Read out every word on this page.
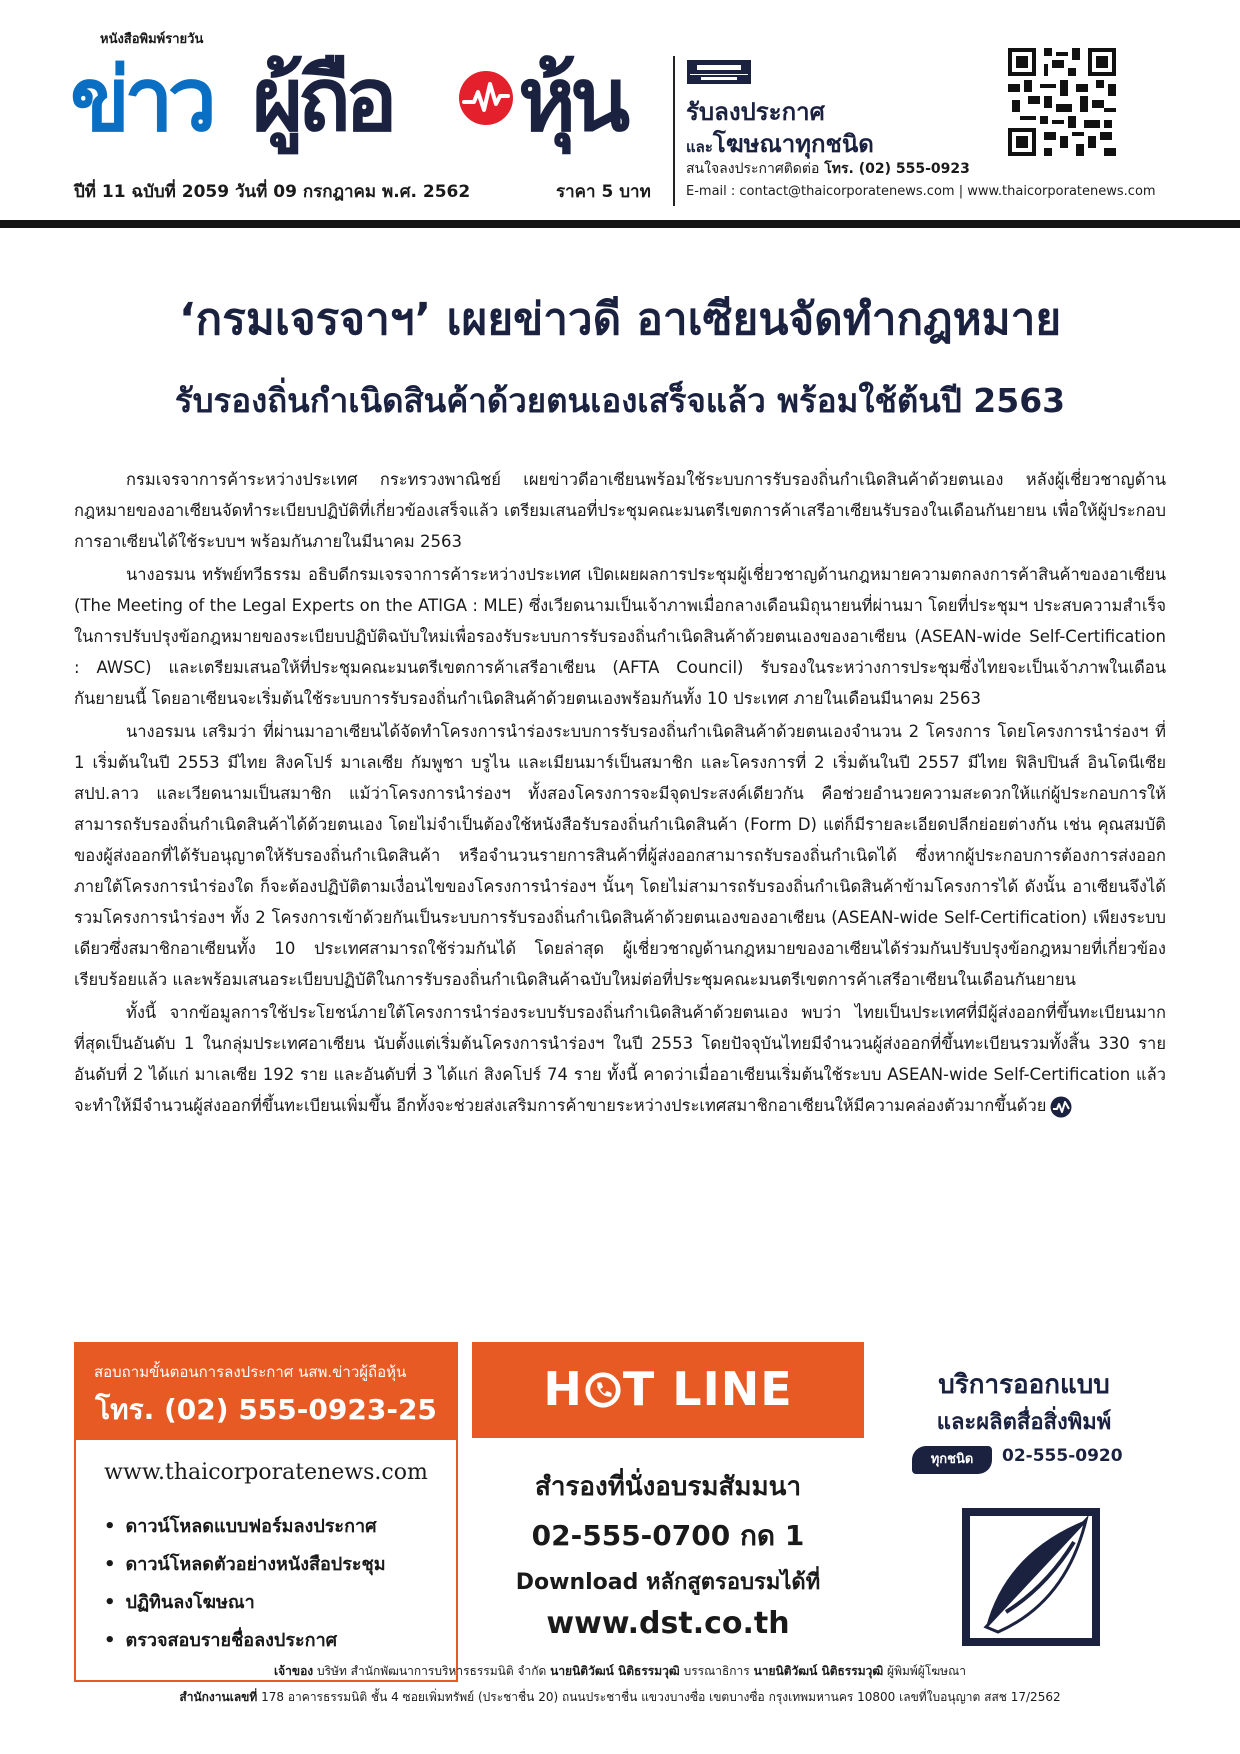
หนังสือพิมพ์รายวัน
ข่าว ผู้ถือ หุ้น
ปีที่ 11 ฉบับที่ 2059 วันที่ 09 กรกฎาคม พ.ศ. 2562	ราคา 5 บาท
รับลงประกาศ
และโฆษณาทุกชนิด
สนใจลงประกาศติดต่อ โทร. (02) 555-0923
E-mail : contact@thaicorporatenews.com | www.thaicorporatenews.com
‘กรมเจรจาฯ’ เผยข่าวดี อาเซียนจัดทำกฎหมาย
รับรองถิ่นกำเนิดสินค้าด้วยตนเองเสร็จแล้ว พร้อมใช้ต้นปี 2563

กรมเจรจาการค้าระหว่างประเทศ กระทรวงพาณิชย์ เผยข่าวดีอาเซียนพร้อมใช้ระบบการรับรองถิ่นกำเนิดสินค้าด้วยตนเอง หลังผู้เชี่ยวชาญด้านกฎหมายของอาเซียนจัดทำระเบียบปฏิบัติที่เกี่ยวข้องเสร็จแล้ว เตรียมเสนอที่ประชุมคณะมนตรีเขตการค้าเสรีอาเซียนรับรองในเดือนกันยายน เพื่อให้ผู้ประกอบการอาเซียนได้ใช้ระบบฯ พร้อมกันภายในมีนาคม 2563

นางอรมน ทรัพย์ทวีธรรม อธิบดีกรมเจรจาการค้าระหว่างประเทศ เปิดเผยผลการประชุมผู้เชี่ยวชาญด้านกฎหมายความตกลงการค้าสินค้าของอาเซียน (The Meeting of the Legal Experts on the ATIGA : MLE) ซึ่งเวียดนามเป็นเจ้าภาพเมื่อกลางเดือนมิถุนายนที่ผ่านมา โดยที่ประชุมฯ ประสบความสำเร็จในการปรับปรุงข้อกฎหมายของระเบียบปฏิบัติฉบับใหม่เพื่อรองรับระบบการรับรองถิ่นกำเนิดสินค้าด้วยตนเองของอาเซียน (ASEAN-wide Self-Certification : AWSC) และเตรียมเสนอให้ที่ประชุมคณะมนตรีเขตการค้าเสรีอาเซียน (AFTA Council) รับรองในระหว่างการประชุมซึ่งไทยจะเป็นเจ้าภาพในเดือนกันยายนนี้ โดยอาเซียนจะเริ่มต้นใช้ระบบการรับรองถิ่นกำเนิดสินค้าด้วยตนเองพร้อมกันทั้ง 10 ประเทศ ภายในเดือนมีนาคม 2563

นางอรมน เสริมว่า ที่ผ่านมาอาเซียนได้จัดทำโครงการนำร่องระบบการรับรองถิ่นกำเนิดสินค้าด้วยตนเองจำนวน 2 โครงการ โดยโครงการนำร่องฯ ที่ 1 เริ่มต้นในปี 2553 มีไทย สิงคโปร์ มาเลเซีย กัมพูชา บรูไน และเมียนมาร์เป็นสมาชิก และโครงการที่ 2 เริ่มต้นในปี 2557 มีไทย ฟิลิปปินส์ อินโดนีเซีย สปป.ลาว และเวียดนามเป็นสมาชิก แม้ว่าโครงการนำร่องฯ ทั้งสองโครงการจะมีจุดประสงค์เดียวกัน คือช่วยอำนวยความสะดวกให้แก่ผู้ประกอบการให้สามารถรับรองถิ่นกำเนิดสินค้าได้ด้วยตนเอง โดยไม่จำเป็นต้องใช้หนังสือรับรองถิ่นกำเนิดสินค้า (Form D) แต่ก็มีรายละเอียดปลีกย่อยต่างกัน เช่น คุณสมบัติของผู้ส่งออกที่ได้รับอนุญาตให้รับรองถิ่นกำเนิดสินค้า หรือจำนวนรายการสินค้าที่ผู้ส่งออกสามารถรับรองถิ่นกำเนิดได้ ซึ่งหากผู้ประกอบการต้องการส่งออกภายใต้โครงการนำร่องใด ก็จะต้องปฏิบัติตามเงื่อนไขของโครงการนำร่องฯ นั้นๆ โดยไม่สามารถรับรองถิ่นกำเนิดสินค้าข้ามโครงการได้ ดังนั้น อาเซียนจึงได้รวมโครงการนำร่องฯ ทั้ง 2 โครงการเข้าด้วยกันเป็นระบบการรับรองถิ่นกำเนิดสินค้าด้วยตนเองของอาเซียน (ASEAN-wide Self-Certification) เพียงระบบเดียวซึ่งสมาชิกอาเซียนทั้ง 10 ประเทศสามารถใช้ร่วมกันได้ โดยล่าสุด ผู้เชี่ยวชาญด้านกฎหมายของอาเซียนได้ร่วมกันปรับปรุงข้อกฎหมายที่เกี่ยวข้องเรียบร้อยแล้ว และพร้อมเสนอระเบียบปฏิบัติในการรับรองถิ่นกำเนิดสินค้าฉบับใหม่ต่อที่ประชุมคณะมนตรีเขตการค้าเสรีอาเซียนในเดือนกันยายน

ทั้งนี้ จากข้อมูลการใช้ประโยชน์ภายใต้โครงการนำร่องระบบรับรองถิ่นกำเนิดสินค้าด้วยตนเอง พบว่า ไทยเป็นประเทศที่มีผู้ส่งออกที่ขึ้นทะเบียนมากที่สุดเป็นอันดับ 1 ในกลุ่มประเทศอาเซียน นับตั้งแต่เริ่มต้นโครงการนำร่องฯ ในปี 2553 โดยปัจจุบันไทยมีจำนวนผู้ส่งออกที่ขึ้นทะเบียนรวมทั้งสิ้น 330 ราย อันดับที่ 2 ได้แก่ มาเลเซีย 192 ราย และอันดับที่ 3 ได้แก่ สิงคโปร์ 74 ราย ทั้งนี้ คาดว่าเมื่ออาเซียนเริ่มต้นใช้ระบบ ASEAN-wide Self-Certification แล้ว จะทำให้มีจำนวนผู้ส่งออกที่ขึ้นทะเบียนเพิ่มขึ้น อีกทั้งจะช่วยส่งเสริมการค้าขายระหว่างประเทศสมาชิกอาเซียนให้มีความคล่องตัวมากขึ้นด้วย

สอบถามขั้นตอนการลงประกาศ นสพ.ข่าวผู้ถือหุ้น
โทร. (02) 555-0923-25
www.thaicorporatenews.com
• ดาวน์โหลดแบบฟอร์มลงประกาศ
• ดาวน์โหลดตัวอย่างหนังสือประชุม
• ปฏิทินลงโฆษณา
• ตรวจสอบรายชื่อลงประกาศ
H T LINE
สำรองที่นั่งอบรมสัมมนา
02-555-0700 กด 1
Download หลักสูตรอบรมได้ที่
www.dst.co.th
บริการออกแบบ
และผลิตสื่อสิ่งพิมพ์
ทุกชนิด	02-555-0920
เจ้าของ บริษัท สำนักพัฒนาการบริหารธรรมนิติ จำกัด นายนิติวัฒน์ นิติธรรมวุฒิ บรรณาธิการ นายนิติวัฒน์ นิติธรรมวุฒิ ผู้พิมพ์ผู้โฆษณา
สำนักงานเลขที่ 178 อาคารธรรมนิติ ชั้น 4 ซอยเพิ่มทรัพย์ (ประชาชื่น 20) ถนนประชาชื่น แขวงบางซื่อ เขตบางซื่อ กรุงเทพมหานคร 10800 เลขที่ใบอนุญาต สสช 17/2562
